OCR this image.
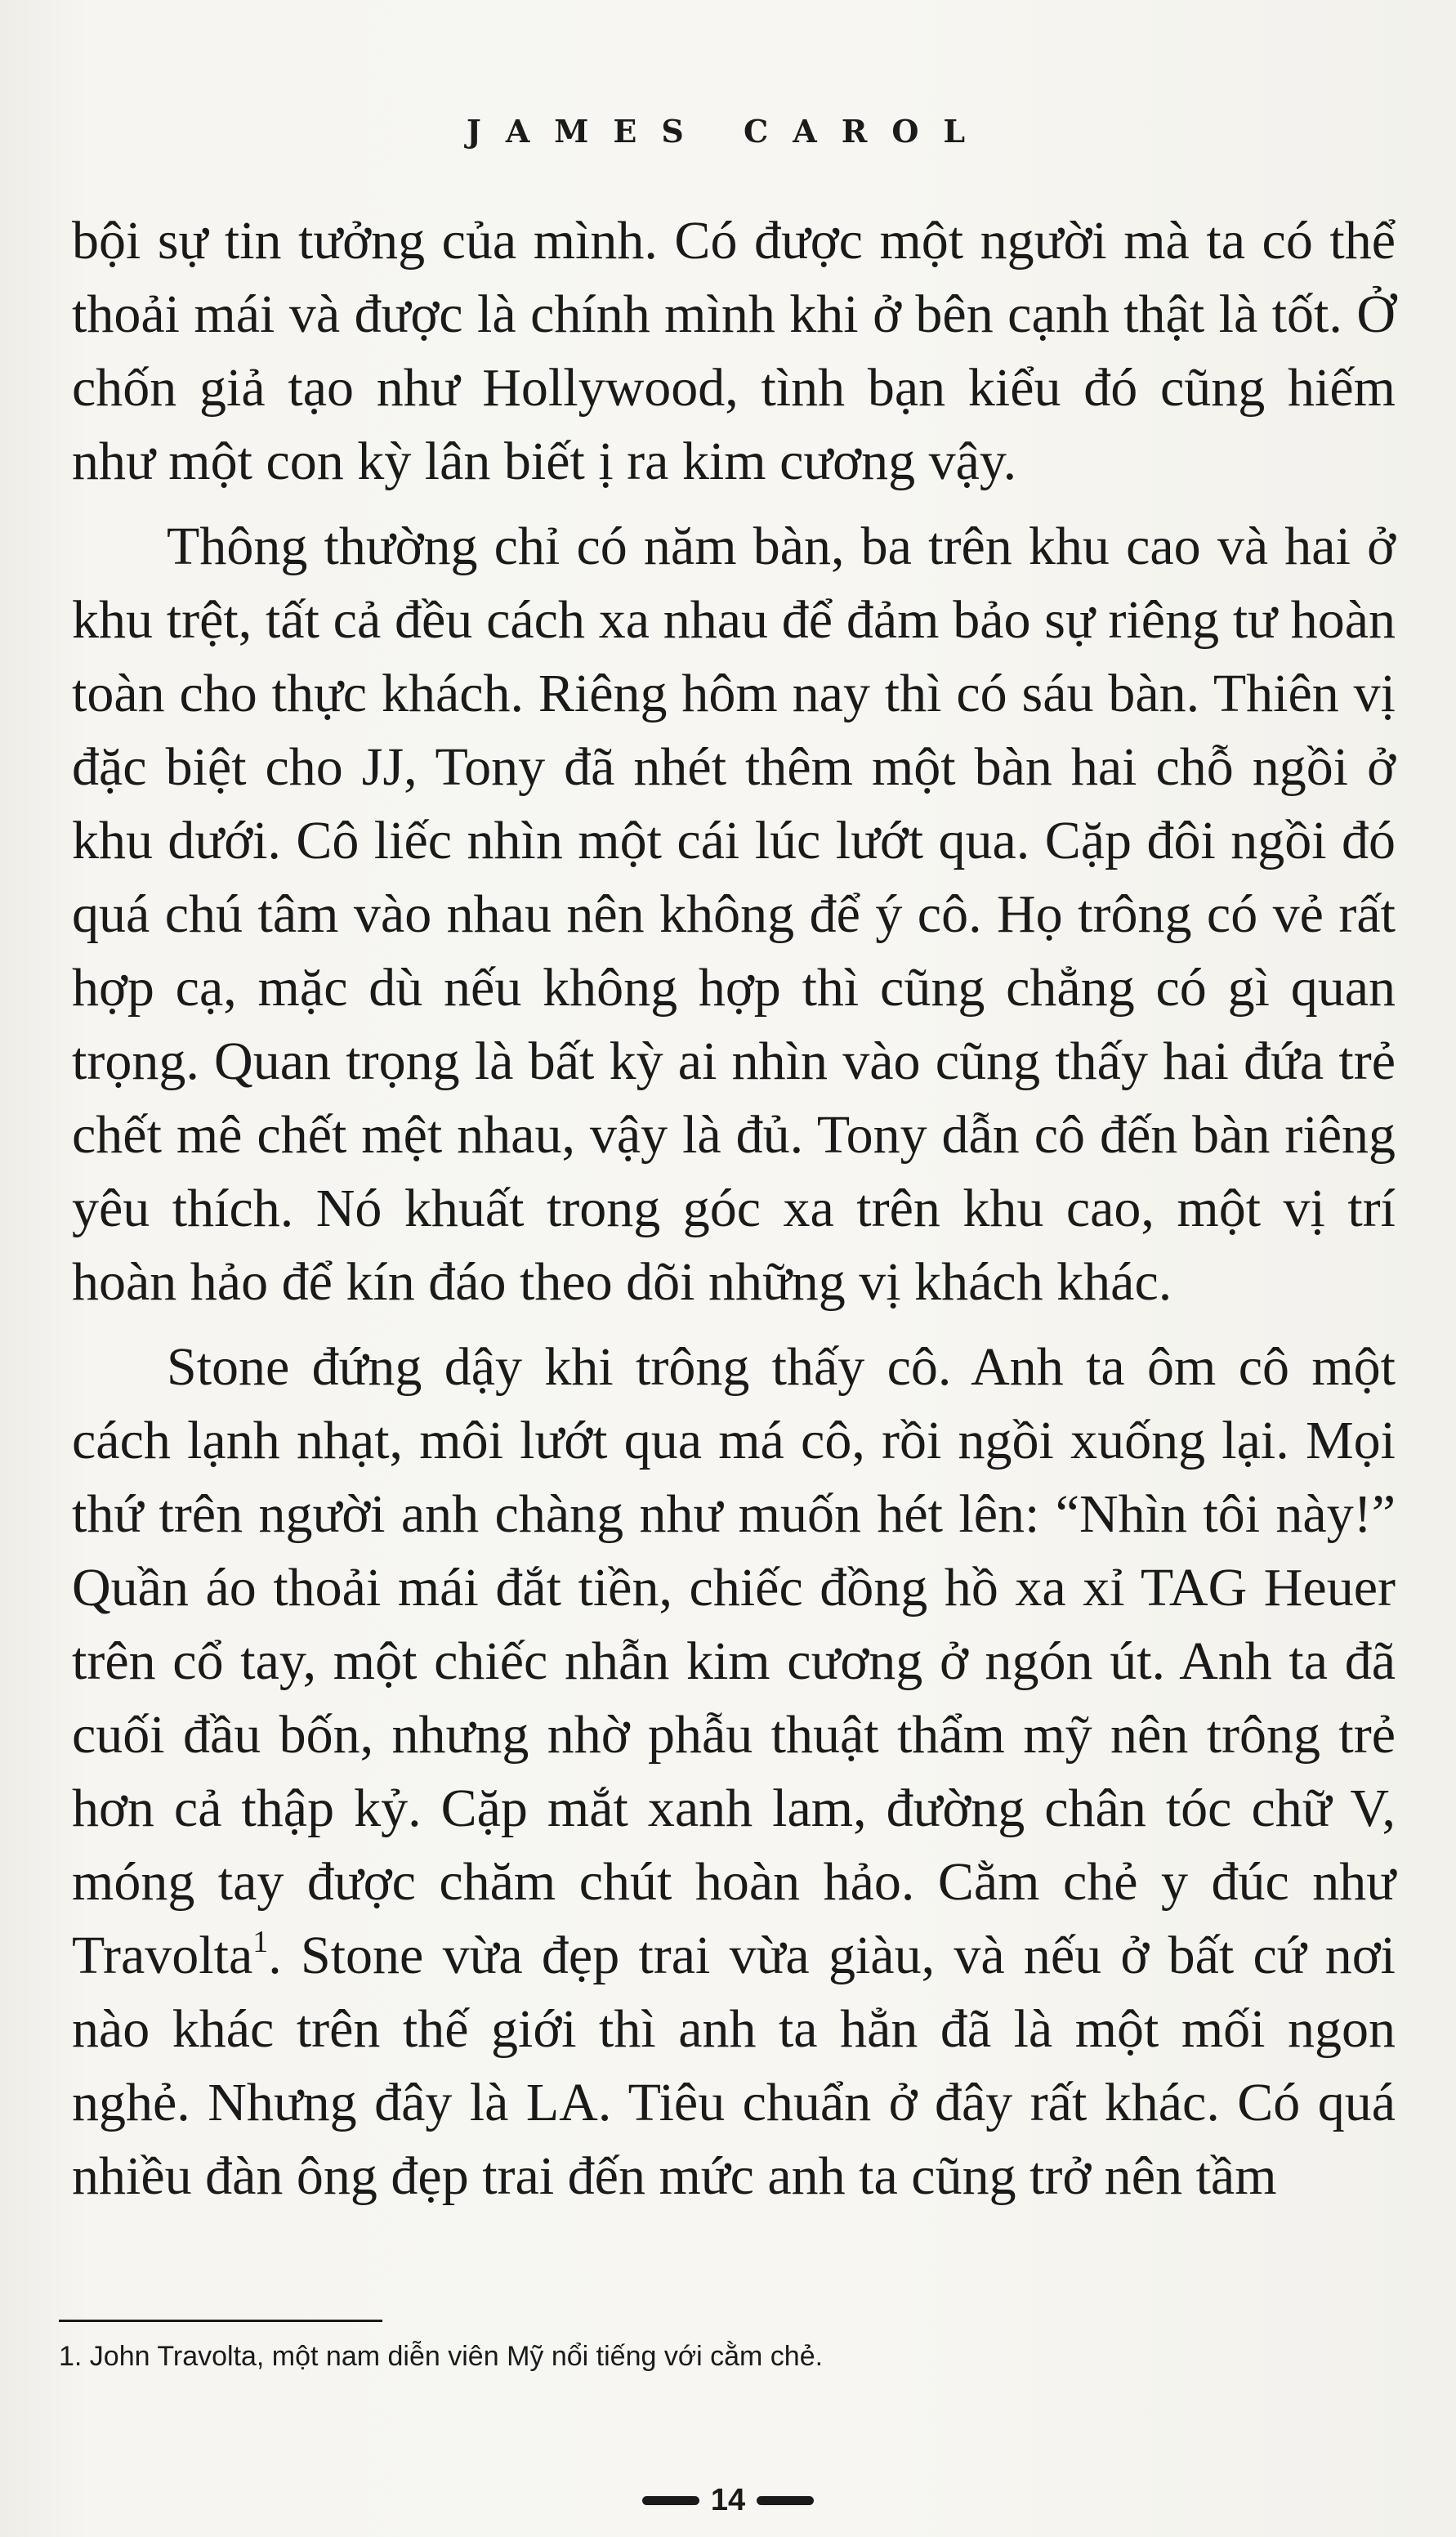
JAMES CAROL

bội sự tin tưởng của mình. Có được một người mà ta có thể thoải mái và được là chính mình khi ở bên cạnh thật là tốt. Ở chốn giả tạo như Hollywood, tình bạn kiểu đó cũng hiếm như một con kỳ lân biết ị ra kim cương vậy.

Thông thường chỉ có năm bàn, ba trên khu cao và hai ở khu trệt, tất cả đều cách xa nhau để đảm bảo sự riêng tư hoàn toàn cho thực khách. Riêng hôm nay thì có sáu bàn. Thiên vị đặc biệt cho JJ, Tony đã nhét thêm một bàn hai chỗ ngồi ở khu dưới. Cô liếc nhìn một cái lúc lướt qua. Cặp đôi ngồi đó quá chú tâm vào nhau nên không để ý cô. Họ trông có vẻ rất hợp cạ, mặc dù nếu không hợp thì cũng chẳng có gì quan trọng. Quan trọng là bất kỳ ai nhìn vào cũng thấy hai đứa trẻ chết mê chết mệt nhau, vậy là đủ. Tony dẫn cô đến bàn riêng yêu thích. Nó khuất trong góc xa trên khu cao, một vị trí hoàn hảo để kín đáo theo dõi những vị khách khác.

Stone đứng dậy khi trông thấy cô. Anh ta ôm cô một cách lạnh nhạt, môi lướt qua má cô, rồi ngồi xuống lại. Mọi thứ trên người anh chàng như muốn hét lên: “Nhìn tôi này!” Quần áo thoải mái đắt tiền, chiếc đồng hồ xa xỉ TAG Heuer trên cổ tay, một chiếc nhẫn kim cương ở ngón út. Anh ta đã cuối đầu bốn, nhưng nhờ phẫu thuật thẩm mỹ nên trông trẻ hơn cả thập kỷ. Cặp mắt xanh lam, đường chân tóc chữ V, móng tay được chăm chút hoàn hảo. Cằm chẻ y đúc như Travolta$^1$. Stone vừa đẹp trai vừa giàu, và nếu ở bất cứ nơi nào khác trên thế giới thì anh ta hẳn đã là một mối ngon nghẻ. Nhưng đây là LA. Tiêu chuẩn ở đây rất khác. Có quá nhiều đàn ông đẹp trai đến mức anh ta cũng trở nên tầm

1. John Travolta, một nam diễn viên Mỹ nổi tiếng với cằm chẻ.
14
